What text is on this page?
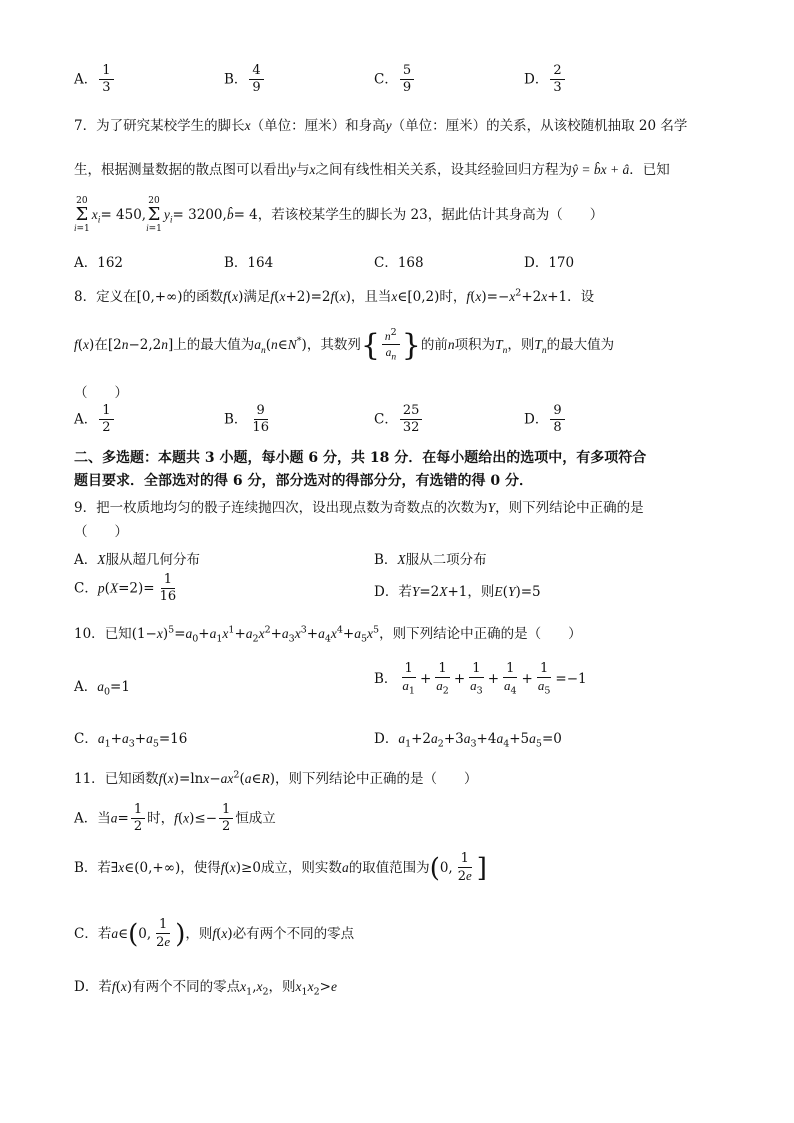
A． $\frac{1}{3}$	B． $\frac{4}{9}$	C． $\frac{5}{9}$	D． $\frac{2}{3}$
7．为了研究某校学生的脚长x（单位：厘米）和身高y（单位：厘米）的关系，从该校随机抽取 20 名学
生，根据测量数据的散点图可以看出y与x之间有线性相关关系，设其经验回归方程为ŷ = b̂x + â．已知
20
Σ
i=1
$x_i= 450$,
20
Σ
i=1
$y_i=$ 3200,b̂= 4，若该校某学生的脚长为 23，据此估计其身高为（　　）
A．162	B．164	C．168	D．170
8．定义在[0,+∞)的函数f(x)满足f(x+2)=2f(x)，且当x∈[0,2)时，$f(x)=-x^2+2x+1$．设
f(x)在[2n−2,2n]上的最大值为$a_n(n\in N^*)$，其数列{ $\frac{n^2}{a_n}$ }的前n项积为$T_n$，则$T_n$的最大值为
（　　）
A． $\frac{1}{2}$	B． $\frac{9}{16}$	C． $\frac{25}{32}$	D． $\frac{9}{8}$
二、多选题：本题共 3 小题，每小题 6 分，共 18 分．在每小题给出的选项中，有多项符合
题目要求．全部选对的得 6 分，部分选对的得部分分，有选错的得 0 分．
9．把一枚质地均匀的骰子连续抛四次，设出现点数为奇数点的次数为Y，则下列结论中正确的是
（　　）
A．X服从超几何分布	B．X服从二项分布
C．$p(X=2)= \frac{1}{16}$	D．若Y=2X+1，则E(Y)=5
10．已知$(1-x)^5=a_0+a_1x^1+a_2x^2+a_3x^3+a_4x^4+a_5x^5$，则下列结论中正确的是（　　）
A．$a_0=1$	B． $\frac{1}{a_1} + \frac{1}{a_2} + \frac{1}{a_3} + \frac{1}{a_4} + \frac{1}{a_5} =-1$
C．$a_1+a_3+a_5=16$	D．$a_1+2a_2+3a_3+4a_4+5a_5=0$
11．已知函数$f(x)=\ln x-ax^2(a\in R)$，则下列结论中正确的是（　　）
A．当$a= \frac{1}{2}$ 时，$f(x)\le- \frac{1}{2}$ 恒成立
B．若∃x∈(0,+∞)，使得f(x)≥0成立，则实数a的取值范围为(0, $\frac{1}{2e}$ ]
C．若a∈(0, $\frac{1}{2e}$ )，则f(x)必有两个不同的零点
D．若f(x)有两个不同的零点$x_1,x_2$，则$x_1x_2>e$
